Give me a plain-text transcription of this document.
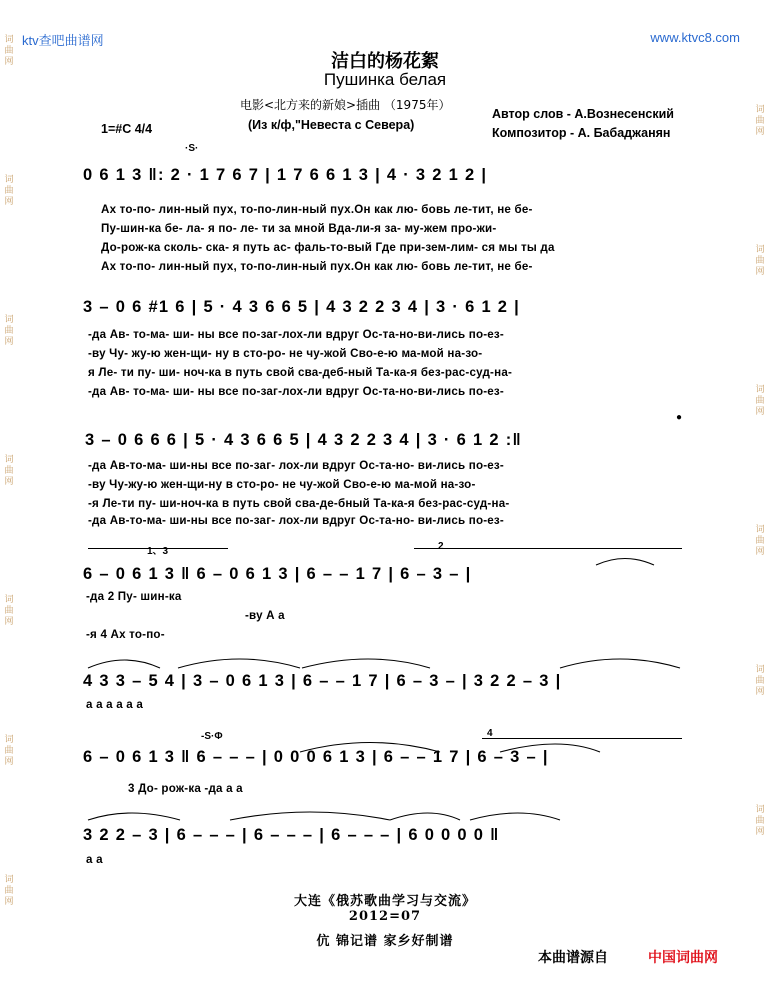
ktv查吧曲谱网	www.ktvc8.com
词曲网
词曲网
词曲网
词曲网
词曲网
词曲网
词曲网
词曲网
词曲网
词曲网
词曲网
词曲网
词曲网
洁白的杨花絮
Пушинка белая
电影<北方来的新娘>插曲 （1975年）
(Из к/ф,"Невеста с Севера)
Автор слов - А.Вознесенский
Композитор - А. Бабаджанян
1=#C 4/4
·S·
0 6 1 3 ‖: 2 · 1 7 6 7 | 1 7 6 6 1 3 | 4 · 3 2 1 2 |
Ах то-по- лин-ный пух, то-по-лин-ный пух.Он как лю- бовь ле-тит, не бе-
Пу-шин-ка бе- ла- я по- ле- ти за мной Вда-ли-я за- му-жем про-жи-
До-рож-ка сколь- ска- я путь ас- фаль-то-вый Где при-зем-лим- ся мы ты да
Ах то-по- лин-ный пух, то-по-лин-ный пух.Он как лю- бовь ле-тит, не бе-
3 – 0 6 #1 6 | 5 · 4 3 6 6 5 | 4 3 2 2 3 4 | 3 · 6 1 2 |
-да Ав- то-ма- ши- ны все по-заг-лох-ли вдруг Ос-та-но-ви-лись по-ез-
-ву Чу- жу-ю жен-щи- ну в сто-ро- не чу-жой Сво-е-ю ма-мой на-зо-
я Ле- ти пу- ши- ноч-ка в путь свой сва-деб-ный Та-ка-я без-рас-суд-на-
-да Ав- то-ма- ши- ны все по-заг-лох-ли вдруг Ос-та-но-ви-лись по-ез-
●
3 – 0 6 6 6 | 5 · 4 3 6 6 5 | 4 3 2 2 3 4 | 3 · 6 1 2 :‖
-да Ав-то-ма- ши-ны все по-заг- лох-ли вдруг Ос-та-но- ви-лись по-ез-
-ву Чу-жу-ю жен-щи-ну в сто-ро- не чу-жой Сво-е-ю ма-мой на-зо-
-я Ле-ти пу- ши-ноч-ка в путь свой сва-де-бный Та-ка-я без-рас-суд-на-
-да Ав-то-ма- ши-ны все по-заг- лох-ли вдруг Ос-та-но- ви-лись по-ез-
1、3	2
6 – 0 6 1 3 ‖ 6 – 0 6 1 3 | 6 – – 1 7 | 6 – 3 – |
-да 2 Пу- шин-ка
-ву А а
-я 4 Ах то-по-
4 3 3 – 5 4 | 3 – 0 6 1 3 | 6 – – 1 7 | 6 – 3 – | 3 2 2 – 3 |
а а а а а а
-S·Φ	4
6 – 0 6 1 3 ‖ 6 – – – | 0 0 0 6 1 3 | 6 – – 1 7 | 6 – 3 – |
3 До- рож-ка -да а а
3 2 2 – 3 | 6 – – – | 6 – – – | 6 – – – | 6 0 0 0 0 ‖
а а
大连《俄苏歌曲学习与交流》
2012=07
伉 锦记谱 家乡好制谱
本曲谱源自	中国词曲网
